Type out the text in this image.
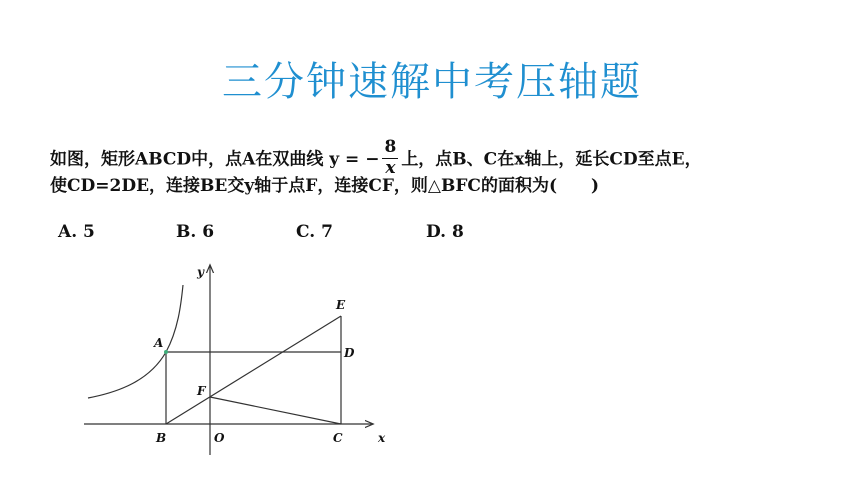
三分钟速解中考压轴题
如图，矩形ABCD中，点A在双曲线 y = − $\frac{8}{x}$ 上，点B、C在x轴上，延长CD至点E，
使CD=2DE，连接BE交y轴于点F，连接CF，则△BFC的面积为(　　)
A. 5	B. 6	C. 7	D. 8
A
B	C
D
E
F
O	x
y
